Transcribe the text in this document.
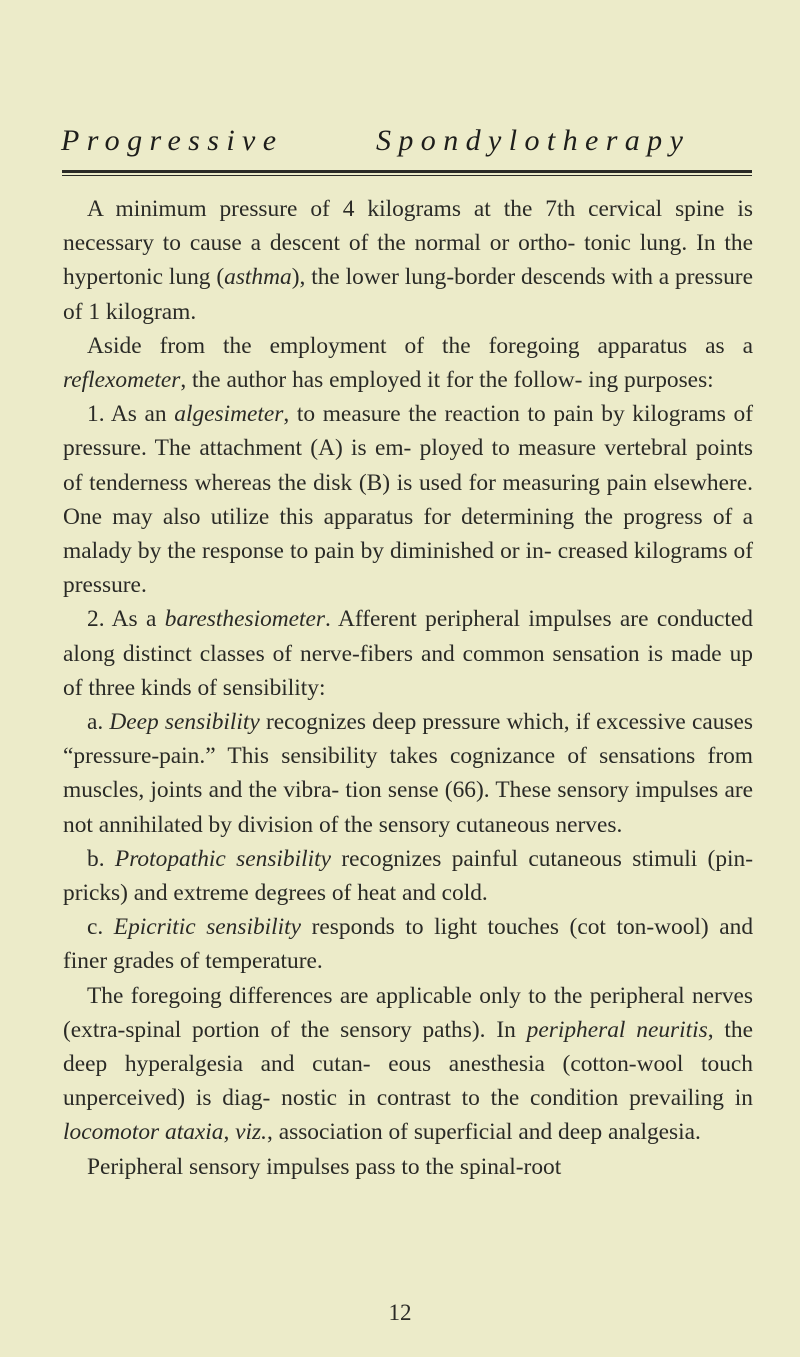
Progressive	Spondylotherapy

A minimum pressure of 4 kilograms at the 7th cervical spine is necessary to cause a descent of the normal or ortho- tonic lung. In the hypertonic lung (asthma), the lower lung-border descends with a pressure of 1 kilogram.

Aside from the employment of the foregoing apparatus as a reflexometer, the author has employed it for the follow- ing purposes:

1. As an algesimeter, to measure the reaction to pain by kilograms of pressure. The attachment (A) is em- ployed to measure vertebral points of tenderness whereas the disk (B) is used for measuring pain elsewhere. One may also utilize this apparatus for determining the progress of a malady by the response to pain by diminished or in- creased kilograms of pressure.

2. As a baresthesiometer. Afferent peripheral impulses are conducted along distinct classes of nerve-fibers and common sensation is made up of three kinds of sensibility:

a. Deep sensibility recognizes deep pressure which, if excessive causes “pressure-pain.” This sensibility takes cognizance of sensations from muscles, joints and the vibra- tion sense (66). These sensory impulses are not annihilated by division of the sensory cutaneous nerves.

b. Protopathic sensibility recognizes painful cutaneous stimuli (pin-pricks) and extreme degrees of heat and cold.

c. Epicritic sensibility responds to light touches (cot ton-wool) and finer grades of temperature.

The foregoing differences are applicable only to the peripheral nerves (extra-spinal portion of the sensory paths). In peripheral neuritis, the deep hyperalgesia and cutan- eous anesthesia (cotton-wool touch unperceived) is diag- nostic in contrast to the condition prevailing in locomotor ataxia, viz., association of superficial and deep analgesia.

Peripheral sensory impulses pass to the spinal-root

12
